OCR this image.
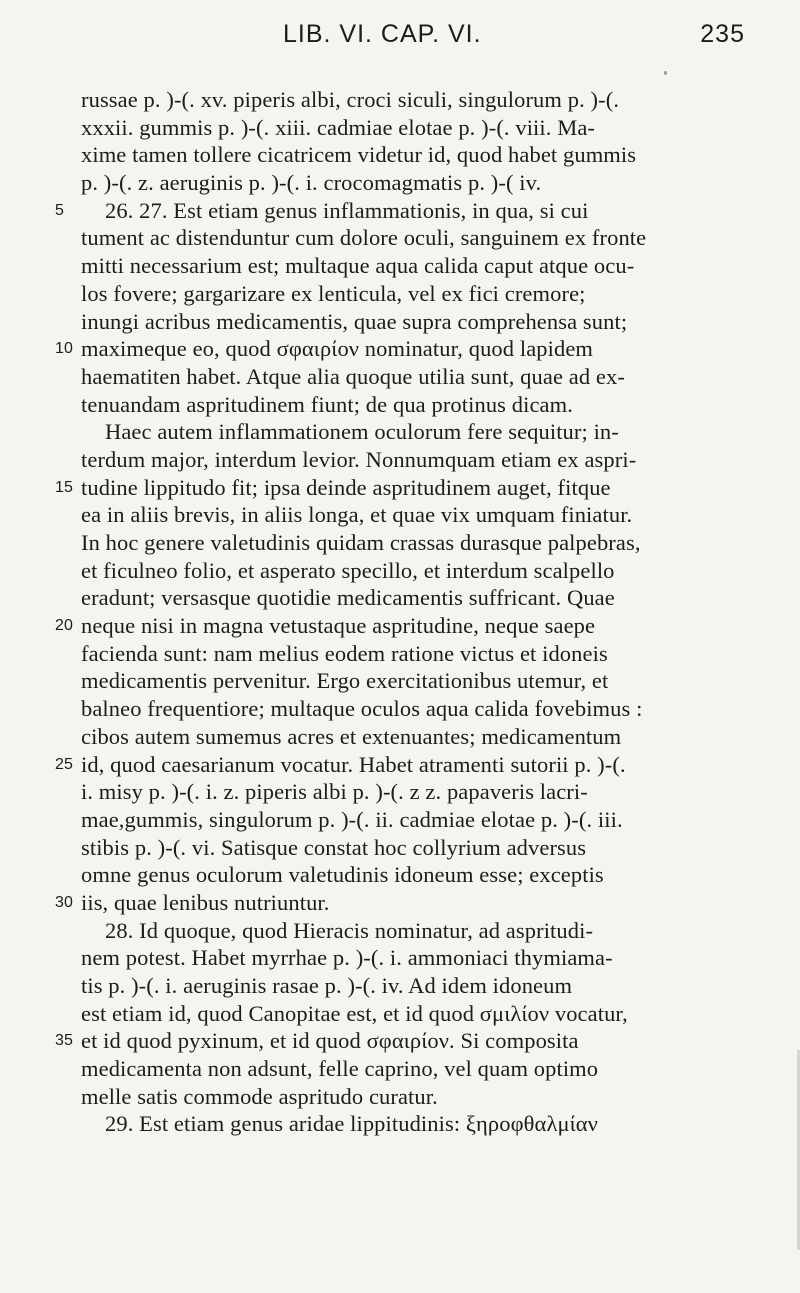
LIB. VI. CAP. VI.	235
russae p. )-(. xv. piperis albi, croci siculi, singulorum p. )-(.
xxxii. gummis p. )-(. xiii. cadmiae elotae p. )-(. viii. Ma-
xime tamen tollere cicatricem videtur id, quod habet gummis
p. )-(. z. aeruginis p. )-(. i. crocomagmatis p. )-( iv.
5	26. 27. Est etiam genus inflammationis, in qua, si cui
tument ac distenduntur cum dolore oculi, sanguinem ex fronte
mitti necessarium est; multaque aqua calida caput atque ocu-
los fovere; gargarizare ex lenticula, vel ex fici cremore;
inungi acribus medicamentis, quae supra comprehensa sunt;
10 maximeque eo, quod σφαιρίον nominatur, quod lapidem
haematiten habet. Atque alia quoque utilia sunt, quae ad ex-
tenuandam aspritudinem fiunt; de qua protinus dicam.
Haec autem inflammationem oculorum fere sequitur; in-
terdum major, interdum levior. Nonnumquam etiam ex aspri-
15 tudine lippitudo fit; ipsa deinde aspritudinem auget, fitque
ea in aliis brevis, in aliis longa, et quae vix umquam finiatur.
In hoc genere valetudinis quidam crassas durasque palpebras,
et ficulneo folio, et asperato specillo, et interdum scalpello
eradunt; versasque quotidie medicamentis suffricant. Quae
20 neque nisi in magna vetustaque aspritudine, neque saepe
facienda sunt: nam melius eodem ratione victus et idoneis
medicamentis pervenitur. Ergo exercitationibus utemur, et
balneo frequentiore; multaque oculos aqua calida fovebimus :
cibos autem sumemus acres et extenuantes; medicamentum
25 id, quod caesarianum vocatur. Habet atramenti sutorii p. )-(.
i. misy p. )-(. i. z. piperis albi p. )-(. z z. papaveris lacri-
mae,gummis, singulorum p. )-(. ii. cadmiae elotae p. )-(. iii.
stibis p. )-(. vi. Satisque constat hoc collyrium adversus
omne genus oculorum valetudinis idoneum esse; exceptis
30 iis, quae lenibus nutriuntur.
28. Id quoque, quod Hieracis nominatur, ad aspritudi-
nem potest. Habet myrrhae p. )-(. i. ammoniaci thymiama-
tis p. )-(. i. aeruginis rasae p. )-(. iv. Ad idem idoneum
est etiam id, quod Canopitae est, et id quod σμιλίον vocatur,
35 et id quod pyxinum, et id quod σφαιρίον. Si composita
medicamenta non adsunt, felle caprino, vel quam optimo
melle satis commode aspritudo curatur.
29. Est etiam genus aridae lippitudinis: ξηροφθαλμίαν
